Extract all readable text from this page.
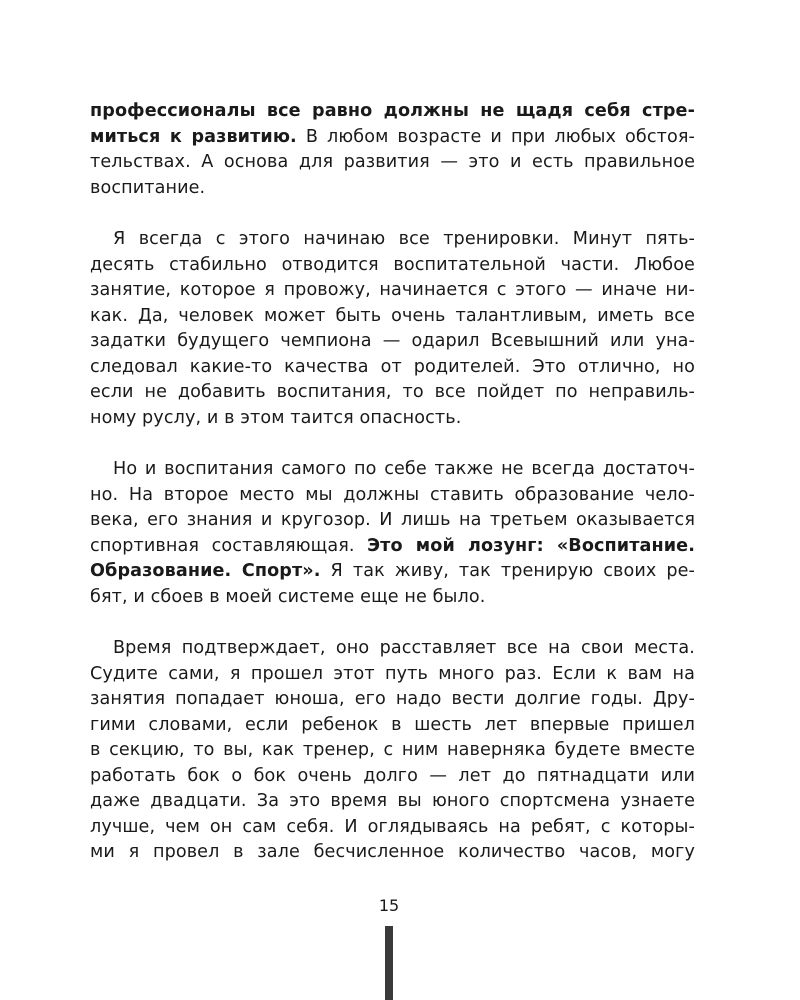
профессионалы все равно должны не щадя себя стре-
миться к развитию. В любом возрасте и при любых обстоя-
тельствах. А основа для развития — это и есть правильное
воспитание.

Я всегда с этого начинаю все тренировки. Минут пять-
десять стабильно отводится воспитательной части. Любое
занятие, которое я провожу, начинается с этого — иначе ни-
как. Да, человек может быть очень талантливым, иметь все
задатки будущего чемпиона — одарил Всевышний или уна-
следовал какие-то качества от родителей. Это отлично, но
если не добавить воспитания, то все пойдет по неправиль-
ному руслу, и в этом таится опасность.

Но и воспитания самого по себе также не всегда достаточ-
но. На второе место мы должны ставить образование чело-
века, его знания и кругозор. И лишь на третьем оказывается
спортивная составляющая. Это мой лозунг: «Воспитание.
Образование. Спорт». Я так живу, так тренирую своих ре-
бят, и сбоев в моей системе еще не было.

Время подтверждает, оно расставляет все на свои места.
Судите сами, я прошел этот путь много раз. Если к вам на
занятия попадает юноша, его надо вести долгие годы. Дру-
гими словами, если ребенок в шесть лет впервые пришел
в секцию, то вы, как тренер, с ним наверняка будете вместе
работать бок о бок очень долго — лет до пятнадцати или
даже двадцати. За это время вы юного спортсмена узнаете
лучше, чем он сам себя. И оглядываясь на ребят, с которы-
ми я провел в зале бесчисленное количество часов, могу

15
